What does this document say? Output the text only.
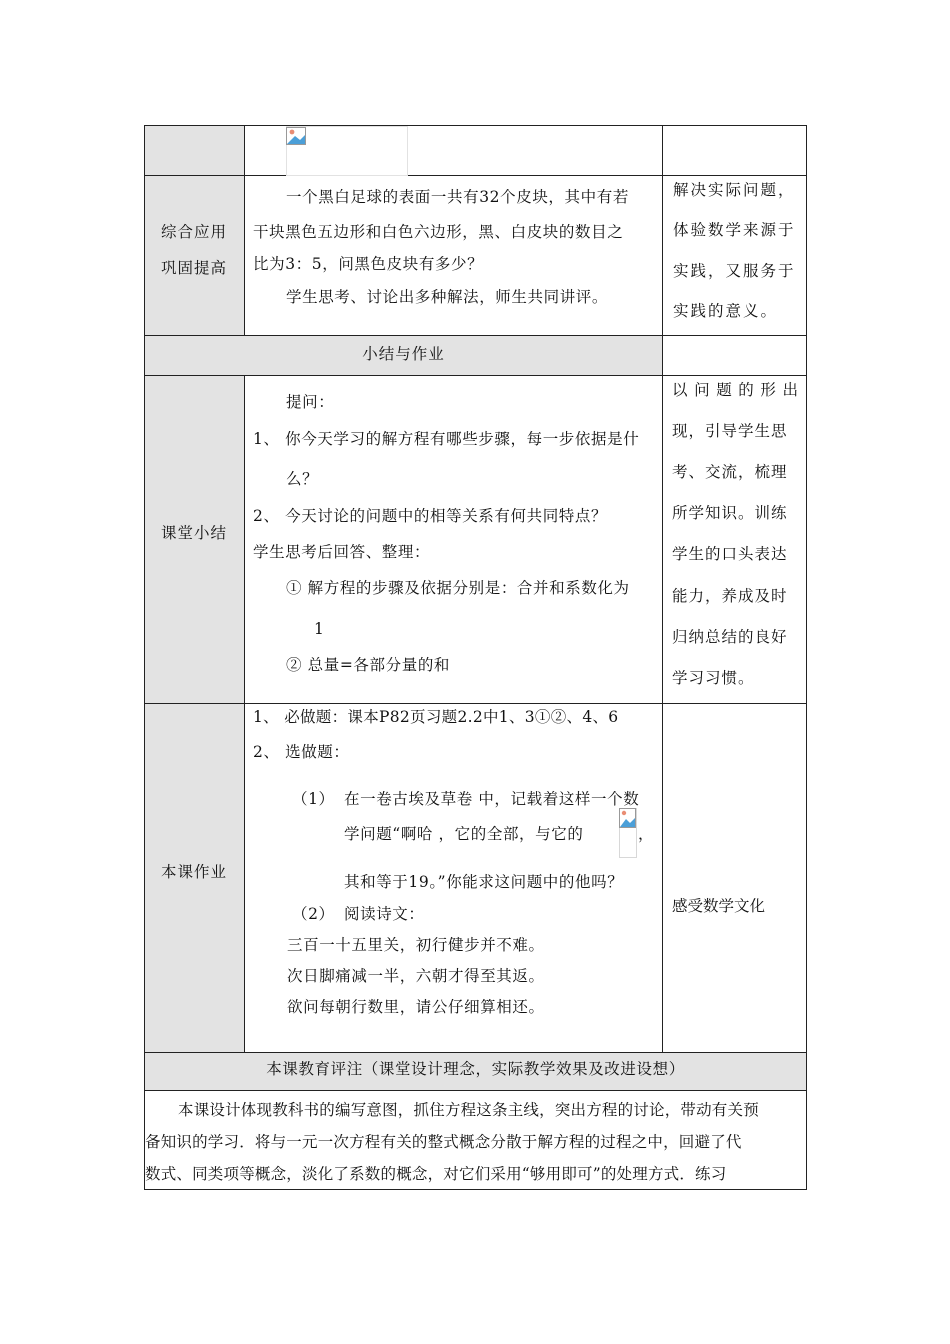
综合应用
巩固提高
一个黑白足球的表面一共有32个皮块，其中有若
干块黑色五边形和白色六边形，黑、白皮块的数目之
比为3：5，问黑色皮块有多少？
学生思考、讨论出多种解法，师生共同讲评。
解决实际问题，
体验数学来源于
实践，又服务于
实践的意义。
小结与作业
课堂小结
提问：
1、 你今天学习的解方程有哪些步骤，每一步依据是什
么？
2、 今天讨论的问题中的相等关系有何共同特点？
学生思考后回答、整理：
① 解方程的步骤及依据分别是：合并和系数化为
1
② 总量=各部分量的和
以 问 题 的 形 出
现，引导学生思
考、交流，梳理
所学知识。训练
学生的口头表达
能力，养成及时
归纳总结的良好
学习习惯。
本课作业
1、 必做题：课本P82页习题2.2中1、3①②、4、6
2、 选做题：
（1） 在一卷古埃及草卷 中，记载着这样一个数
学问题“啊哈 ，它的全部，与它的	，
其和等于19。”你能求这问题中的他吗？
（2） 阅读诗文：
三百一十五里关，初行健步并不难。
次日脚痛减一半，六朝才得至其返。
欲问每朝行数里，请公仔细算相还。
感受数学文化
本课教育评注（课堂设计理念，实际教学效果及改进设想）
本课设计体现教科书的编写意图，抓住方程这条主线，突出方程的讨论，带动有关预
备知识的学习．将与一元一次方程有关的整式概念分散于解方程的过程之中，回避了代
数式、同类项等概念，淡化了系数的概念，对它们采用“够用即可”的处理方式．练习
